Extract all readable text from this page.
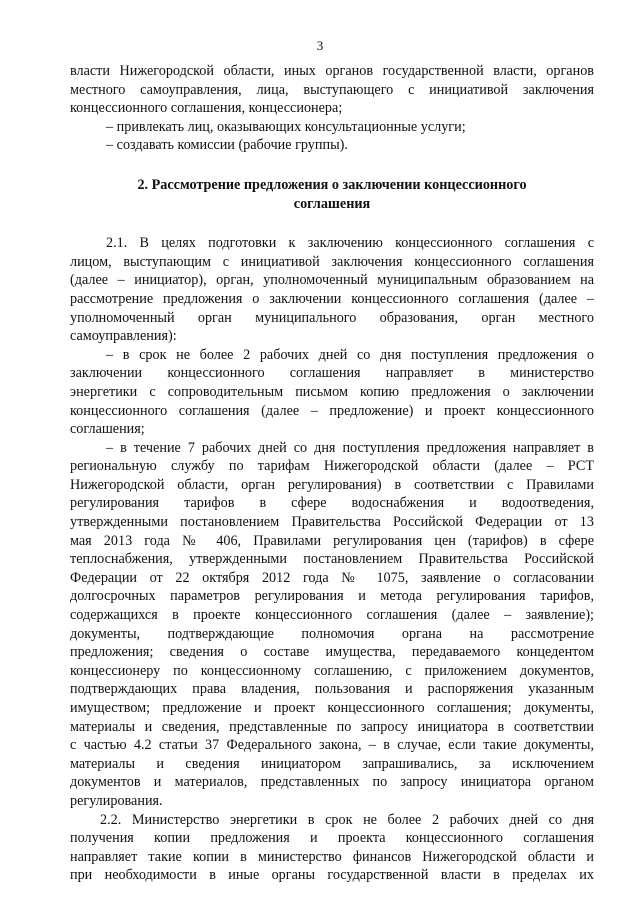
3
власти Нижегородской области, иных органов государственной власти, органов
местного самоуправления, лица, выступающего с инициативой заключения
концессионного соглашения, концессионера;
– привлекать лиц, оказывающих консультационные услуги;
– создавать комиссии (рабочие группы).
2. Рассмотрение предложения о заключении концессионного
соглашения
2.1. В целях подготовки к заключению концессионного соглашения с
лицом, выступающим с инициативой заключения концессионного соглашения
(далее – инициатор), орган, уполномоченный муниципальным образованием на
рассмотрение предложения о заключении концессионного соглашения (далее –
уполномоченный орган муниципального образования, орган местного
самоуправления):
– в срок не более 2 рабочих дней со дня поступления предложения о
заключении концессионного соглашения направляет в министерство
энергетики с сопроводительным письмом копию предложения о заключении
концессионного соглашения (далее – предложение) и проект концессионного
соглашения;
– в течение 7 рабочих дней со дня поступления предложения направляет в
региональную службу по тарифам Нижегородской области (далее – РСТ
Нижегородской области, орган регулирования) в соответствии с Правилами
регулирования тарифов в сфере водоснабжения и водоотведения,
утвержденными постановлением Правительства Российской Федерации от 13
мая 2013 года № 406, Правилами регулирования цен (тарифов) в сфере
теплоснабжения, утвержденными постановлением Правительства Российской
Федерации от 22 октября 2012 года № 1075, заявление о согласовании
долгосрочных параметров регулирования и метода регулирования тарифов,
содержащихся в проекте концессионного соглашения (далее – заявление);
документы, подтверждающие полномочия органа на рассмотрение
предложения; сведения о составе имущества, передаваемого концедентом
концессионеру по концессионному соглашению, с приложением документов,
подтверждающих права владения, пользования и распоряжения указанным
имуществом; предложение и проект концессионного соглашения; документы,
материалы и сведения, представленные по запросу инициатора в соответствии
с частью 4.2 статьи 37 Федерального закона, – в случае, если такие документы,
материалы и сведения инициатором запрашивались, за исключением
документов и материалов, представленных по запросу инициатора органом
регулирования.
2.2. Министерство энергетики в срок не более 2 рабочих дней со дня
получения копии предложения и проекта концессионного соглашения
направляет такие копии в министерство финансов Нижегородской области и
при необходимости в иные органы государственной власти в пределах их
